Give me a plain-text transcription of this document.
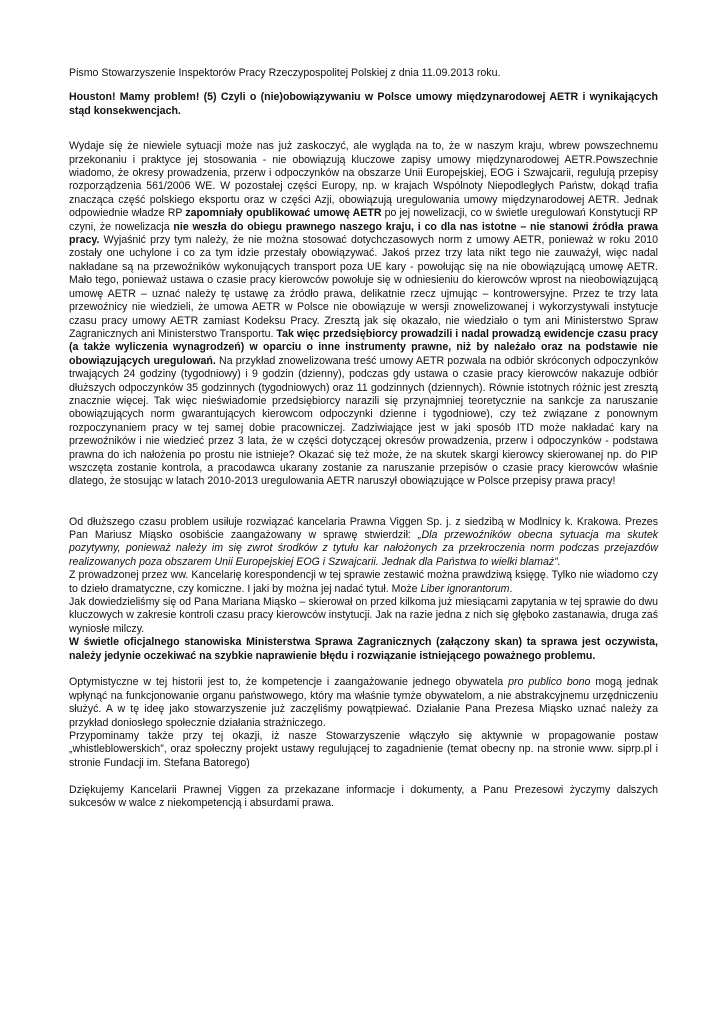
Pismo Stowarzyszenie Inspektorów Pracy Rzeczypospolitej Polskiej z dnia 11.09.2013 roku.

Houston! Mamy problem! (5) Czyli o (nie)obowiązywaniu w Polsce umowy międzynarodowej AETR i wynikających stąd konsekwencjach.

Wydaje się że niewiele sytuacji może nas już zaskoczyć, ale wygląda na to, że w naszym kraju, wbrew powszechnemu przekonaniu i praktyce jej stosowania - nie obowiązują kluczowe zapisy umowy międzynarodowej AETR.Powszechnie wiadomo, że okresy prowadzenia, przerw i odpoczynków na obszarze Unii Europejskiej, EOG i Szwajcarii, regulują przepisy rozporządzenia 561/2006 WE. W pozostałej części Europy, np. w krajach Wspólnoty Niepodległych Państw, dokąd trafia znacząca część polskiego eksportu oraz w części Azji, obowiązują uregulowania umowy międzynarodowej AETR. Jednak odpowiednie władze RP zapomniały opublikować umowę AETR po jej nowelizacji, co w świetle uregulowań Konstytucji RP czyni, że nowelizacja nie weszła do obiegu prawnego naszego kraju, i co dla nas istotne – nie stanowi źródła prawa pracy. Wyjaśnić przy tym należy, że nie można stosować dotychczasowych norm z umowy AETR, ponieważ w roku 2010 zostały one uchylone i co za tym idzie przestały obowiązywać. Jakoś przez trzy lata nikt tego nie zauważył, więc nadal nakładane są na przewoźników wykonujących transport poza UE kary - powołując się na nie obowiązującą umowę AETR. Mało tego, ponieważ ustawa o czasie pracy kierowców powołuje się w odniesieniu do kierowców wprost na nieobowiązującą umowę AETR – uznać należy tę ustawę za źródło prawa, delikatnie rzecz ujmując – kontrowersyjne. Przez te trzy lata przewoźnicy nie wiedzieli, że umowa AETR w Polsce nie obowiązuje w wersji znowelizowanej i wykorzystywali instytucje czasu pracy umowy AETR zamiast Kodeksu Pracy. Zresztą jak się okazało, nie wiedziało o tym ani Ministerstwo Spraw Zagranicznych ani Ministerstwo Transportu. Tak więc przedsiębiorcy prowadzili i nadal prowadzą ewidencje czasu pracy (a także wyliczenia wynagrodzeń) w oparciu o inne instrumenty prawne, niż by należało oraz na podstawie nie obowiązujących uregulowań. Na przykład znowelizowana treść umowy AETR pozwala na odbiór skróconych odpoczynków trwających 24 godziny (tygodniowy) i 9 godzin (dzienny), podczas gdy ustawa o czasie pracy kierowców nakazuje odbiór dłuższych odpoczynków 35 godzinnych (tygodniowych) oraz 11 godzinnych (dziennych). Równie istotnych różnic jest zresztą znacznie więcej. Tak więc nieświadomie przedsiębiorcy narazili się przynajmniej teoretycznie na sankcje za naruszanie obowiązujących norm gwarantujących kierowcom odpoczynki dzienne i tygodniowe), czy też związane z ponownym rozpoczynaniem pracy w tej samej dobie pracowniczej. Zadziwiające jest w jaki sposób ITD może nakładać kary na przewoźników i nie wiedzieć przez 3 lata, że w części dotyczącej okresów prowadzenia, przerw i odpoczynków - podstawa prawna do ich nałożenia po prostu nie istnieje? Okazać się też może, że na skutek skargi kierowcy skierowanej np. do PIP wszczęta zostanie kontrola, a pracodawca ukarany zostanie za naruszanie przepisów o czasie pracy kierowców właśnie dlatego, że stosując w latach 2010-2013 uregulowania AETR naruszył obowiązujące w Polsce przepisy prawa pracy!

Od dłuższego czasu problem usiłuje rozwiązać kancelaria Prawna Viggen Sp. j. z siedzibą w Modlnicy k. Krakowa. Prezes Pan Mariusz Miąsko osobiście zaangażowany w sprawę stwierdził: „Dla przewoźników obecna sytuacja ma skutek pozytywny, ponieważ należy im się zwrot środków z tytułu kar nałożonych za przekroczenia norm podczas przejazdów realizowanych poza obszarem Unii Europejskiej EOG i Szwajcarii. Jednak dla Państwa to wielki blamaż”.

Z prowadzonej przez ww. Kancelarię korespondencji w tej sprawie zestawić można prawdziwą księgę. Tylko nie wiadomo czy to dzieło dramatyczne, czy komiczne. I jaki by można jej nadać tytuł. Może Liber ignorantorum.

Jak dowiedzieliśmy się od Pana Mariana Miąsko – skierował on przed kilkoma już miesiącami zapytania w tej sprawie do dwu kluczowych w zakresie kontroli czasu pracy kierowców instytucji. Jak na razie jedna z nich się głęboko zastanawia, druga zaś wyniosłe milczy.

W świetle oficjalnego stanowiska Ministerstwa Sprawa Zagranicznych (załączony skan) ta sprawa jest oczywista, należy jedynie oczekiwać na szybkie naprawienie błędu i rozwiązanie istniejącego poważnego problemu.

Optymistyczne w tej historii jest to, że kompetencje i zaangażowanie jednego obywatela pro publico bono mogą jednak wpłynąć na funkcjonowanie organu państwowego, który ma właśnie tymże obywatelom, a nie abstrakcyjnemu urzędniczeniu służyć. A w tę ideę jako stowarzyszenie już zaczęliśmy powątpiewać. Działanie Pana Prezesa Miąsko uznać należy za przykład doniosłego społecznie działania strażniczego.

Przypominamy także przy tej okazji, iż nasze Stowarzyszenie włączyło się aktywnie w propagowanie postaw „whistleblowerskich”, oraz społeczny projekt ustawy regulującej to zagadnienie (temat obecny np. na stronie www. siprp.pl i stronie Fundacji im. Stefana Batorego)

Dziękujemy Kancelarii Prawnej Viggen za przekazane informacje i dokumenty, a Panu Prezesowi życzymy dalszych sukcesów w walce z niekompetencją i absurdami prawa.
